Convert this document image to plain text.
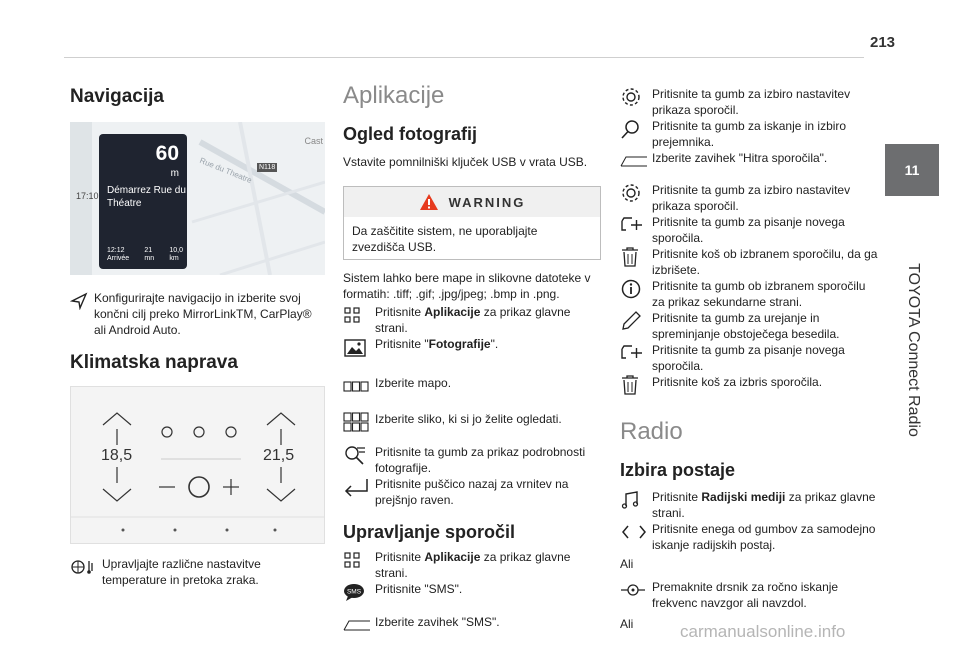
213
11
TOYOTA Connect Radio
Navigacija
17:10
60
m
Démarrez Rue du Théatre
12:12
Arrivée
21
mn
10,0
km
Cast
Rue du Theatre N118
Konfigurirajte navigacijo in izberite svoj končni cilj preko MirrorLinkTM, CarPlay® ali Android Auto.
Klimatska naprava
18,5	21,5
Upravljajte različne nastavitve temperature in pretoka zraka.
Aplikacije
Ogled fotografij

Vstavite pomnilniški ključek USB v vrata USB.

WARNING
Da zaščitite sistem, ne uporabljajte zvezdišča USB.

Sistem lahko bere mape in slikovne datoteke v formatih: .tiff; .gif; .jpg/jpeg; .bmp in .png.

Pritisnite Aplikacije za prikaz glavne strani.
Pritisnite "Fotografije".
Izberite mapo.
Izberite sliko, ki si jo želite ogledati.
Pritisnite ta gumb za prikaz podrobnosti fotografije.
Pritisnite puščico nazaj za vrnitev na prejšnjo raven.
Upravljanje sporočil
Pritisnite Aplikacije za prikaz glavne strani.
SMS Pritisnite "SMS".
Izberite zavihek "SMS".
Pritisnite ta gumb za izbiro nastavitev prikaza sporočil.
Pritisnite ta gumb za iskanje in izbiro prejemnika.
Izberite zavihek "Hitra sporočila".
Pritisnite ta gumb za izbiro nastavitev prikaza sporočil.
Pritisnite ta gumb za pisanje novega sporočila.
Pritisnite koš ob izbranem sporočilu, da ga izbrišete.
Pritisnite ta gumb ob izbranem sporočilu za prikaz sekundarne strani.
Pritisnite ta gumb za urejanje in spreminjanje obstoječega besedila.
Pritisnite ta gumb za pisanje novega sporočila.
Pritisnite koš za izbris sporočila.
Radio
Izbira postaje
Pritisnite Radijski mediji za prikaz glavne strani.
Pritisnite enega od gumbov za samodejno iskanje radijskih postaj.
Ali
Premaknite drsnik za ročno iskanje frekvenc navzgor ali navzdol.
Ali	carmanualsonline.info
